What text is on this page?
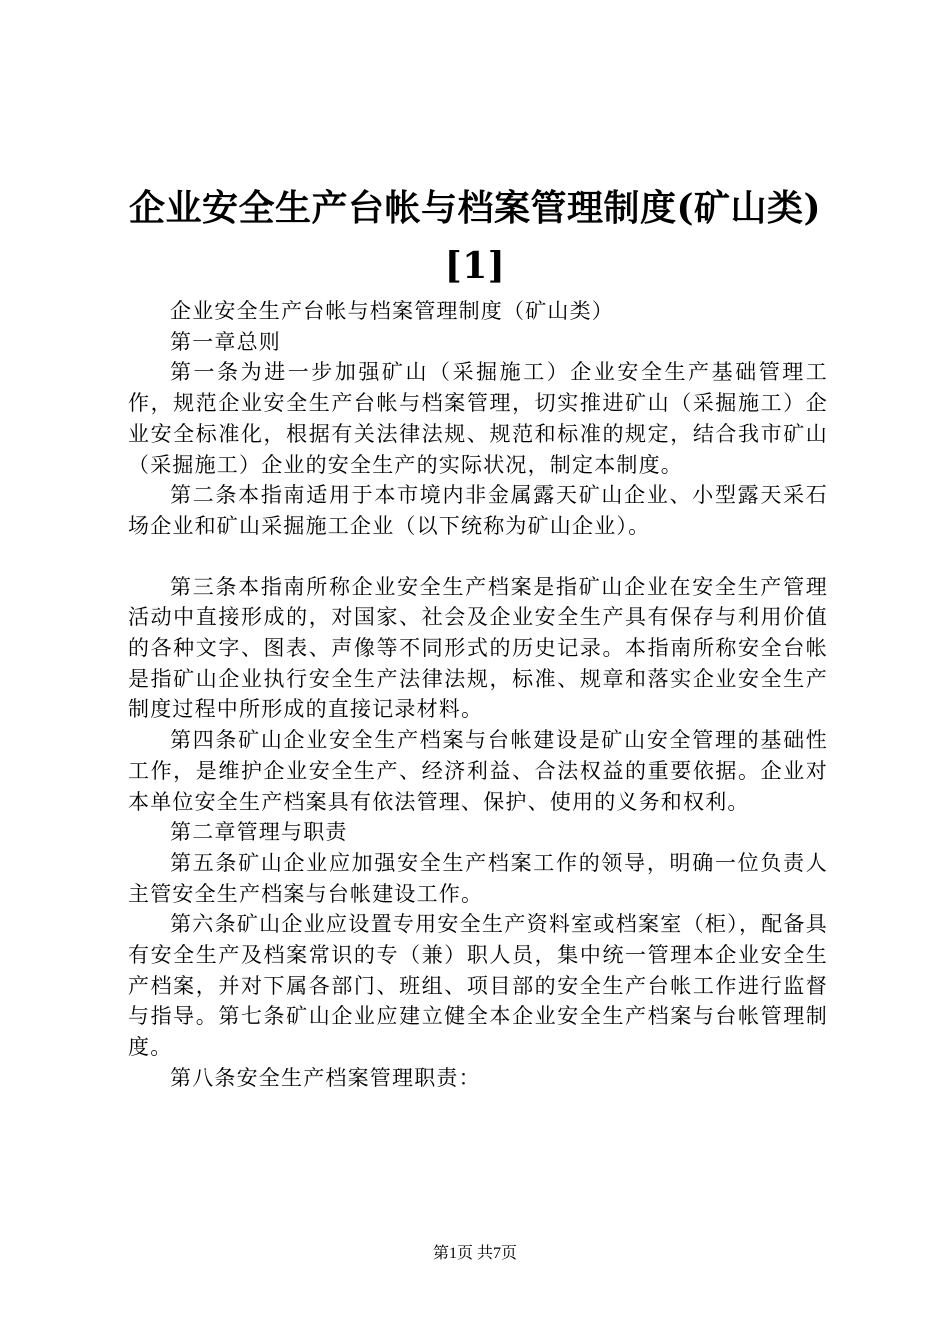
企业安全生产台帐与档案管理制度(矿山类)
[1]

企业安全生产台帐与档案管理制度（矿山类）

第一章总则

第一条为进一步加强矿山（采掘施工）企业安全生产基础管理工作，规范企业安全生产台帐与档案管理，切实推进矿山（采掘施工）企业安全标准化，根据有关法律法规、规范和标准的规定，结合我市矿山（采掘施工）企业的安全生产的实际状况，制定本制度。

第二条本指南适用于本市境内非金属露天矿山企业、小型露天采石场企业和矿山采掘施工企业（以下统称为矿山企业）。

第三条本指南所称企业安全生产档案是指矿山企业在安全生产管理活动中直接形成的，对国家、社会及企业安全生产具有保存与利用价值的各种文字、图表、声像等不同形式的历史记录。本指南所称安全台帐是指矿山企业执行安全生产法律法规，标准、规章和落实企业安全生产制度过程中所形成的直接记录材料。

第四条矿山企业安全生产档案与台帐建设是矿山安全管理的基础性工作，是维护企业安全生产、经济利益、合法权益的重要依据。企业对本单位安全生产档案具有依法管理、保护、使用的义务和权利。

第二章管理与职责

第五条矿山企业应加强安全生产档案工作的领导，明确一位负责人主管安全生产档案与台帐建设工作。

第六条矿山企业应设置专用安全生产资料室或档案室（柜），配备具有安全生产及档案常识的专（兼）职人员，集中统一管理本企业安全生产档案，并对下属各部门、班组、项目部的安全生产台帐工作进行监督与指导。第七条矿山企业应建立健全本企业安全生产档案与台帐管理制度。

第八条安全生产档案管理职责：

第1页 共7页
